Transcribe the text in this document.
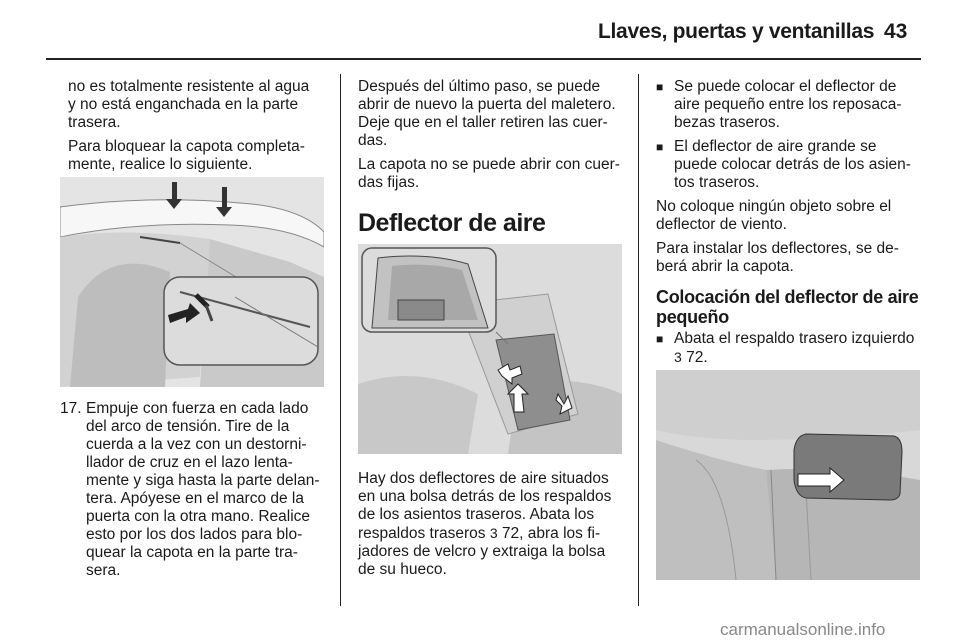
Llaves, puertas y ventanillas 43

no es totalmente resistente al agua
y no está enganchada en la parte
trasera.

Para bloquear la capota completa-
mente, realice lo siguiente.

17. Empuje con fuerza en cada lado
del arco de tensión. Tire de la
cuerda a la vez con un destorni-
llador de cruz en el lazo lenta-
mente y siga hasta la parte delan-
tera. Apóyese en el marco de la
puerta con la otra mano. Realice
esto por los dos lados para blo-
quear la capota en la parte tra-
sera.

Después del último paso, se puede
abrir de nuevo la puerta del maletero.
Deje que en el taller retiren las cuer-
das.

La capota no se puede abrir con cuer-
das fijas.

Deflector de aire

Hay dos deflectores de aire situados
en una bolsa detrás de los respaldos
de los asientos traseros. Abata los
respaldos traseros 3 72, abra los fi-
jadores de velcro y extraiga la bolsa
de su hueco.

■ Se puede colocar el deflector de
aire pequeño entre los reposaca-
bezas traseros.
■ El deflector de aire grande se
puede colocar detrás de los asien-
tos traseros.

No coloque ningún objeto sobre el
deflector de viento.

Para instalar los deflectores, se de-
berá abrir la capota.

Colocación del deflector de aire
pequeño
■ Abata el respaldo trasero izquierdo
3 72.
carmanualsonline.info
